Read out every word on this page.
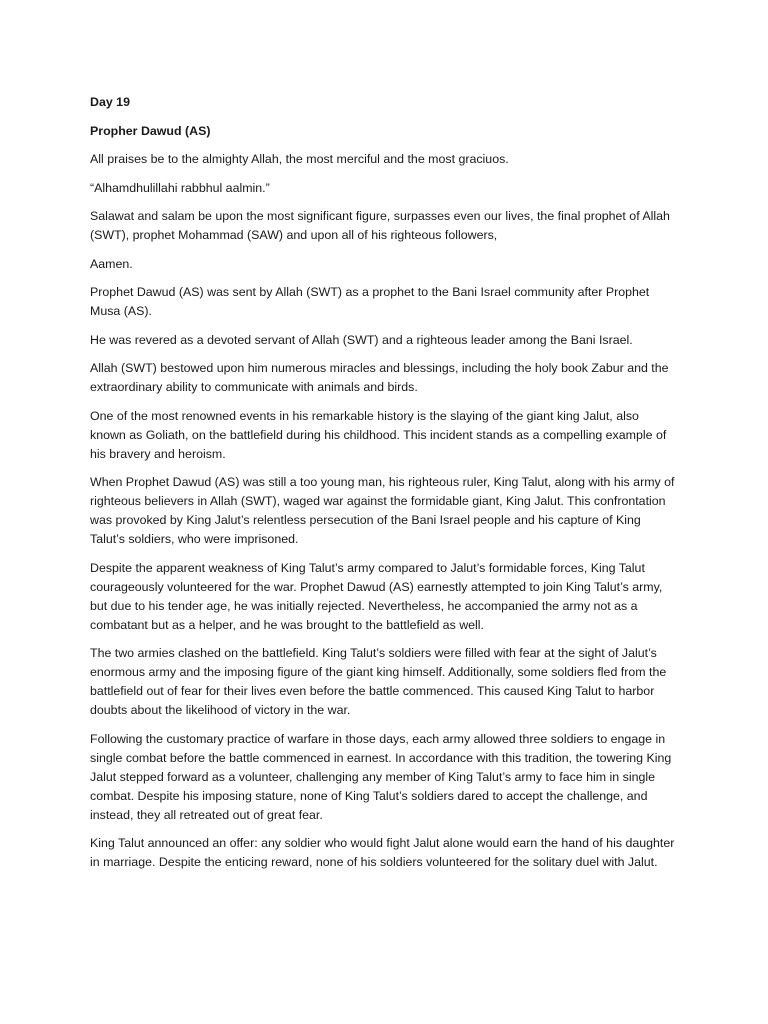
Day 19

Propher Dawud (AS)

All praises be to the almighty Allah, the most merciful and the most graciuos.

“Alhamdhulillahi rabbhul aalmin.”

Salawat and salam be upon the most significant figure, surpasses even our lives, the final prophet of Allah (SWT), prophet Mohammad (SAW) and upon all of his righteous followers,

Aamen.

Prophet Dawud (AS) was sent by Allah (SWT) as a prophet to the Bani Israel community after Prophet Musa (AS).

He was revered as a devoted servant of Allah (SWT) and a righteous leader among the Bani Israel.

Allah (SWT) bestowed upon him numerous miracles and blessings, including the holy book Zabur and the extraordinary ability to communicate with animals and birds.

One of the most renowned events in his remarkable history is the slaying of the giant king Jalut, also known as Goliath, on the battlefield during his childhood. This incident stands as a compelling example of his bravery and heroism.

When Prophet Dawud (AS) was still a too young man, his righteous ruler, King Talut, along with his army of righteous believers in Allah (SWT), waged war against the formidable giant, King Jalut. This confrontation was provoked by King Jalut’s relentless persecution of the Bani Israel people and his capture of King Talut’s soldiers, who were imprisoned.

Despite the apparent weakness of King Talut’s army compared to Jalut’s formidable forces, King Talut courageously volunteered for the war. Prophet Dawud (AS) earnestly attempted to join King Talut’s army, but due to his tender age, he was initially rejected. Nevertheless, he accompanied the army not as a combatant but as a helper, and he was brought to the battlefield as well.

The two armies clashed on the battlefield. King Talut’s soldiers were filled with fear at the sight of Jalut’s enormous army and the imposing figure of the giant king himself. Additionally, some soldiers fled from the battlefield out of fear for their lives even before the battle commenced. This caused King Talut to harbor doubts about the likelihood of victory in the war.

Following the customary practice of warfare in those days, each army allowed three soldiers to engage in single combat before the battle commenced in earnest. In accordance with this tradition, the towering King Jalut stepped forward as a volunteer, challenging any member of King Talut’s army to face him in single combat. Despite his imposing stature, none of King Talut’s soldiers dared to accept the challenge, and instead, they all retreated out of great fear.

King Talut announced an offer: any soldier who would fight Jalut alone would earn the hand of his daughter in marriage. Despite the enticing reward, none of his soldiers volunteered for the solitary duel with Jalut.
